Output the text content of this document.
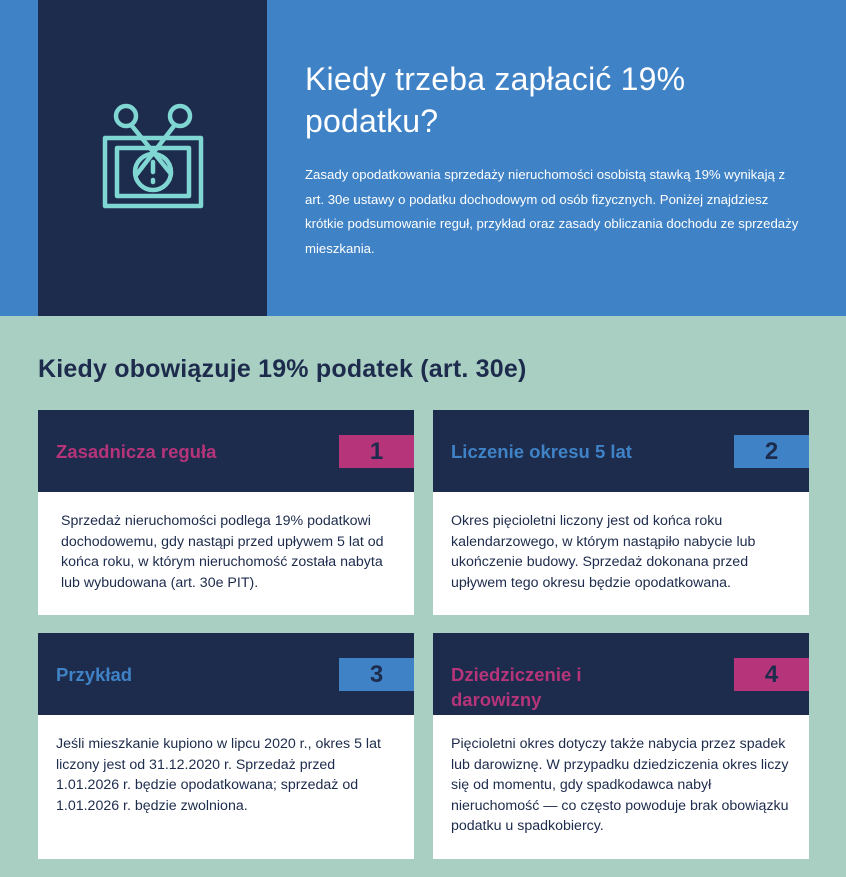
Kiedy trzeba zapłacić 19% podatku?
Zasady opodatkowania sprzedaży nieruchomości osobistą stawką 19% wynikają z art. 30e ustawy o podatku dochodowym od osób fizycznych. Poniżej znajdziesz krótkie podsumowanie reguł, przykład oraz zasady obliczania dochodu ze sprzedaży mieszkania.
Kiedy obowiązuje 19% podatek (art. 30e)
Zasadnicza reguła	1
Sprzedaż nieruchomości podlega 19% podatkowi dochodowemu, gdy nastąpi przed upływem 5 lat od końca roku, w którym nieruchomość została nabyta lub wybudowana (art. 30e PIT).
Liczenie okresu 5 lat	2
Okres pięcioletni liczony jest od końca roku kalendarzowego, w którym nastąpiło nabycie lub ukończenie budowy. Sprzedaż dokonana przed upływem tego okresu będzie opodatkowana.
Przykład	3
Jeśli mieszkanie kupiono w lipcu 2020 r., okres 5 lat liczony jest od 31.12.2020 r. Sprzedaż przed 1.01.2026 r. będzie opodatkowana; sprzedaż od 1.01.2026 r. będzie zwolniona.
Dziedziczenie i darowizny
4
Pięcioletni okres dotyczy także nabycia przez spadek lub darowiznę. W przypadku dziedziczenia okres liczy się od momentu, gdy spadkodawca nabył nieruchomość — co często powoduje brak obowiązku podatku u spadkobiercy.
